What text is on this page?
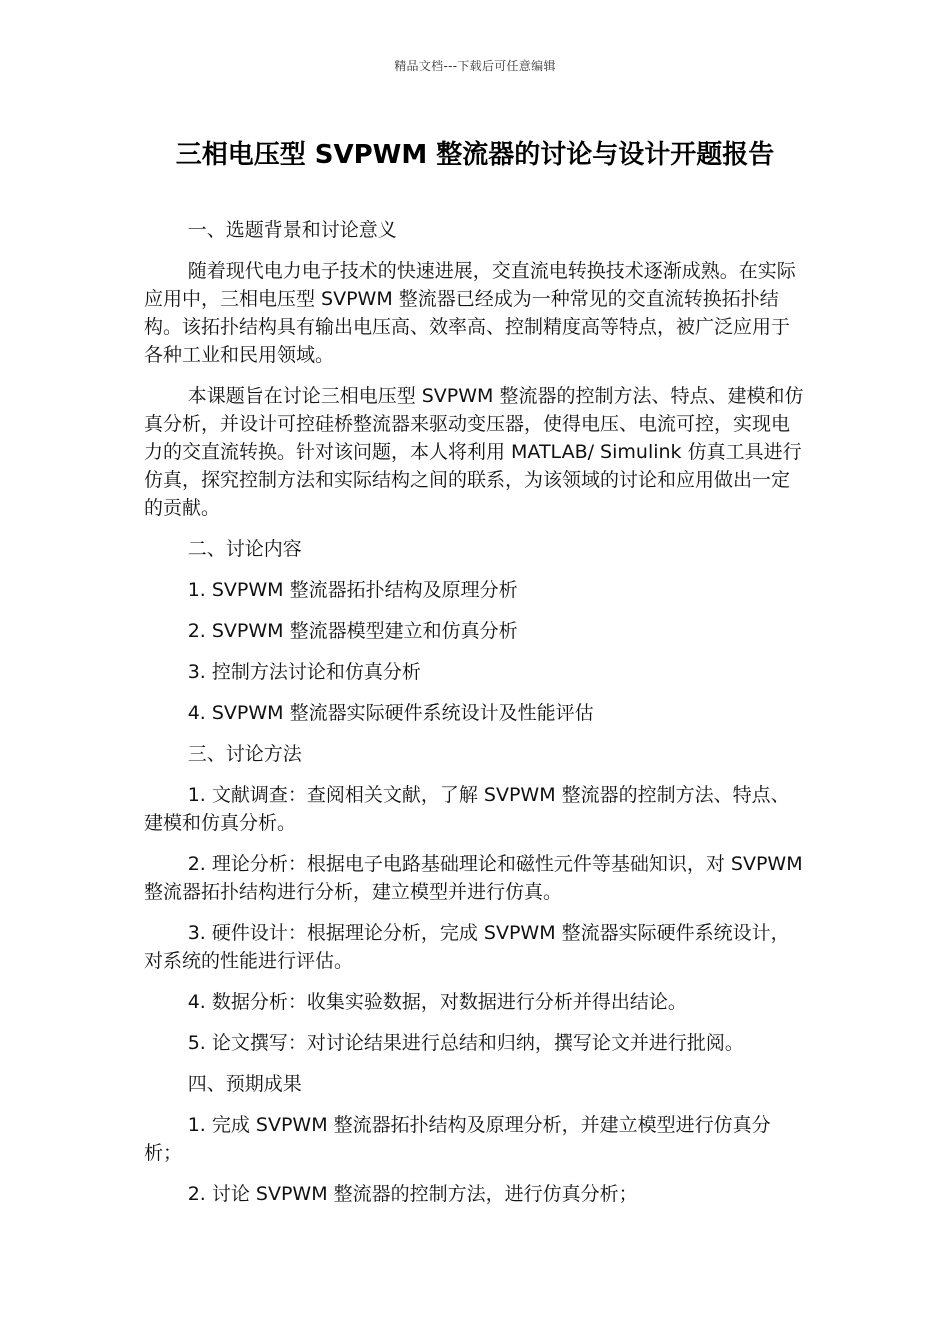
精品文档---下载后可任意编辑
三相电压型 SVPWM 整流器的讨论与设计开题报告
一、选题背景和讨论意义

随着现代电力电子技术的快速进展，交直流电转换技术逐渐成熟。在实际应用中，三相电压型 SVPWM 整流器已经成为一种常见的交直流转换拓扑结构。该拓扑结构具有输出电压高、效率高、控制精度高等特点，被广泛应用于各种工业和民用领域。

本课题旨在讨论三相电压型 SVPWM 整流器的控制方法、特点、建模和仿真分析，并设计可控硅桥整流器来驱动变压器，使得电压、电流可控，实现电力的交直流转换。针对该问题，本人将利用 MATLAB/ Simulink 仿真工具进行仿真，探究控制方法和实际结构之间的联系，为该领域的讨论和应用做出一定的贡献。

二、讨论内容

1. SVPWM 整流器拓扑结构及原理分析

2. SVPWM 整流器模型建立和仿真分析

3. 控制方法讨论和仿真分析

4. SVPWM 整流器实际硬件系统设计及性能评估

三、讨论方法

1. 文献调查：查阅相关文献，了解 SVPWM 整流器的控制方法、特点、建模和仿真分析。

2. 理论分析：根据电子电路基础理论和磁性元件等基础知识，对 SVPWM 整流器拓扑结构进行分析，建立模型并进行仿真。

3. 硬件设计：根据理论分析，完成 SVPWM 整流器实际硬件系统设计，对系统的性能进行评估。

4. 数据分析：收集实验数据，对数据进行分析并得出结论。

5. 论文撰写：对讨论结果进行总结和归纳，撰写论文并进行批阅。

四、预期成果

1. 完成 SVPWM 整流器拓扑结构及原理分析，并建立模型进行仿真分析；

2. 讨论 SVPWM 整流器的控制方法，进行仿真分析；
